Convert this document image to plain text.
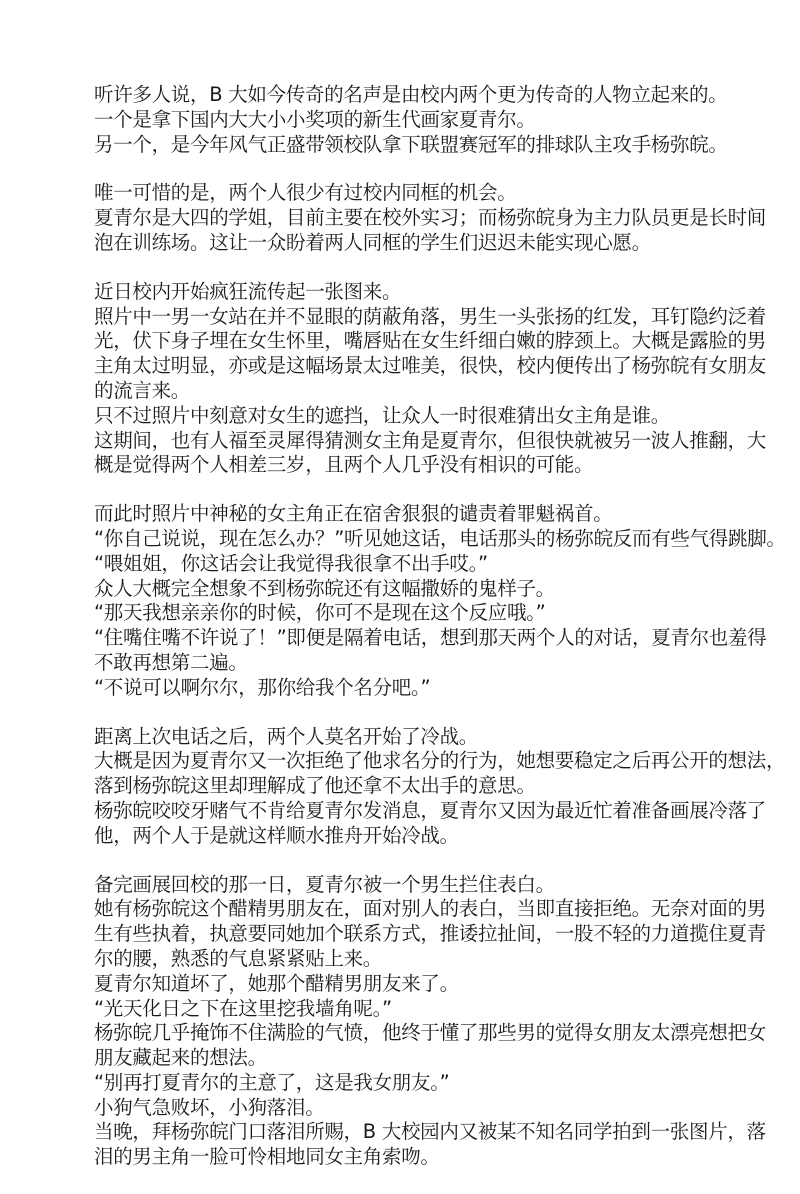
听许多人说，B 大如今传奇的名声是由校内两个更为传奇的人物立起来的。
一个是拿下国内大大小小奖项的新生代画家夏青尔。
另一个，是今年风气正盛带领校队拿下联盟赛冠军的排球队主攻手杨弥皖。
唯一可惜的是，两个人很少有过校内同框的机会。
夏青尔是大四的学姐，目前主要在校外实习；而杨弥皖身为主力队员更是长时间
泡在训练场。这让一众盼着两人同框的学生们迟迟未能实现心愿。
近日校内开始疯狂流传起一张图来。
照片中一男一女站在并不显眼的荫蔽角落，男生一头张扬的红发，耳钉隐约泛着
光，伏下身子埋在女生怀里，嘴唇贴在女生纤细白嫩的脖颈上。大概是露脸的男
主角太过明显，亦或是这幅场景太过唯美，很快，校内便传出了杨弥皖有女朋友
的流言来。
只不过照片中刻意对女生的遮挡，让众人一时很难猜出女主角是谁。
这期间，也有人福至灵犀得猜测女主角是夏青尔，但很快就被另一波人推翻，大
概是觉得两个人相差三岁，且两个人几乎没有相识的可能。
而此时照片中神秘的女主角正在宿舍狠狠的谴责着罪魁祸首。
“你自己说说，现在怎么办？”听见她这话，电话那头的杨弥皖反而有些气得跳脚。
“喂姐姐，你这话会让我觉得我很拿不出手哎。”
众人大概完全想象不到杨弥皖还有这幅撒娇的鬼样子。
“那天我想亲亲你的时候，你可不是现在这个反应哦。”
“住嘴住嘴不许说了！”即便是隔着电话，想到那天两个人的对话，夏青尔也羞得
不敢再想第二遍。
“不说可以啊尔尔，那你给我个名分吧。”
距离上次电话之后，两个人莫名开始了冷战。
大概是因为夏青尔又一次拒绝了他求名分的行为，她想要稳定之后再公开的想法，
落到杨弥皖这里却理解成了他还拿不太出手的意思。
杨弥皖咬咬牙赌气不肯给夏青尔发消息，夏青尔又因为最近忙着准备画展冷落了
他，两个人于是就这样顺水推舟开始冷战。
备完画展回校的那一日，夏青尔被一个男生拦住表白。
她有杨弥皖这个醋精男朋友在，面对别人的表白，当即直接拒绝。无奈对面的男
生有些执着，执意要同她加个联系方式，推诿拉扯间，一股不轻的力道揽住夏青
尔的腰，熟悉的气息紧紧贴上来。
夏青尔知道坏了，她那个醋精男朋友来了。
“光天化日之下在这里挖我墙角呢。”
杨弥皖几乎掩饰不住满脸的气愤，他终于懂了那些男的觉得女朋友太漂亮想把女
朋友藏起来的想法。
“别再打夏青尔的主意了，这是我女朋友。”
小狗气急败坏，小狗落泪。
当晚，拜杨弥皖门口落泪所赐，B 大校园内又被某不知名同学拍到一张图片，落
泪的男主角一脸可怜相地同女主角索吻。
